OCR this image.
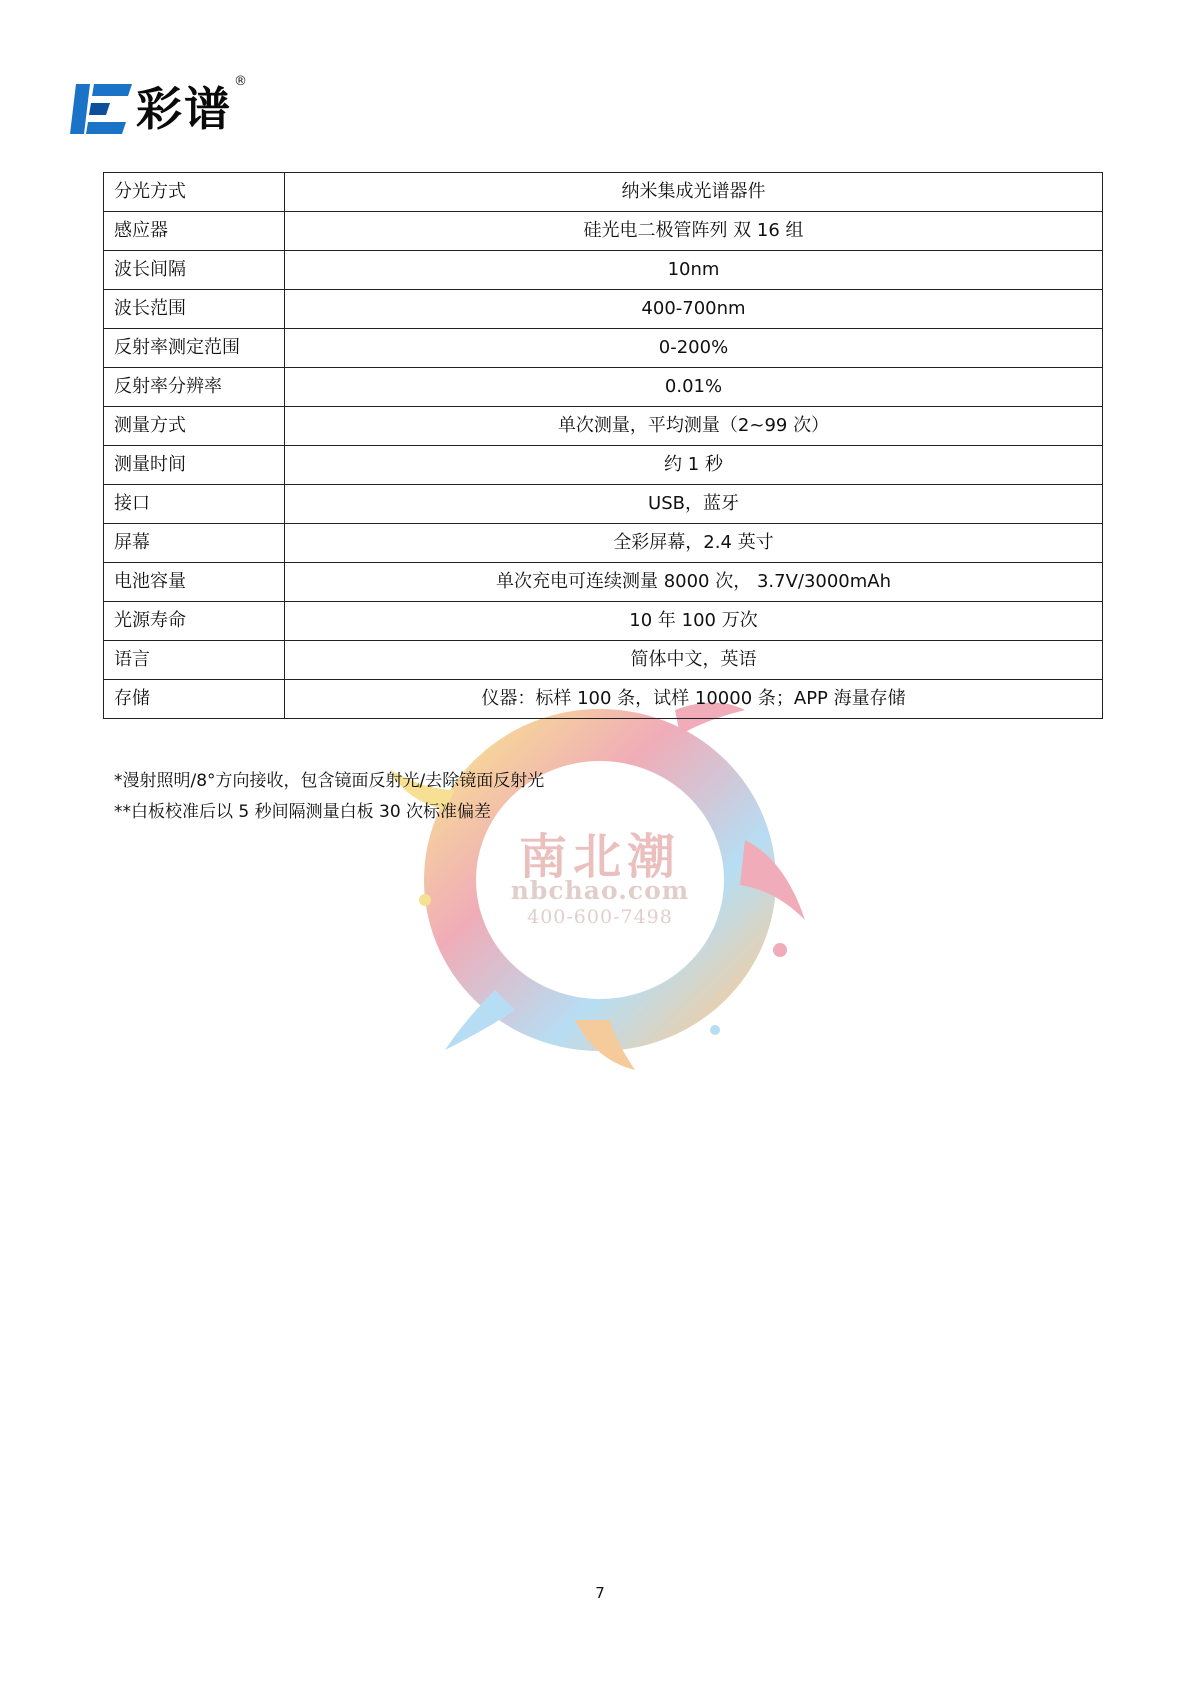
彩谱
®
南北潮
nbchao.com
400-600-7498
分光方式	纳米集成光谱器件
感应器	硅光电二极管阵列 双 16 组
波长间隔	10nm
波长范围	400-700nm
反射率测定范围	0-200%
反射率分辨率	0.01%
测量方式	单次测量，平均测量（2~99 次）
测量时间	约 1 秒
接口	USB，蓝牙
屏幕	全彩屏幕，2.4 英寸
电池容量	单次充电可连续测量 8000 次， 3.7V/3000mAh
光源寿命	10 年 100 万次
语言	简体中文，英语
存储	仪器：标样 100 条，试样 10000 条；APP 海量存储
*漫射照明/8°方向接收，包含镜面反射光/去除镜面反射光
**白板校准后以 5 秒间隔测量白板 30 次标准偏差
7
